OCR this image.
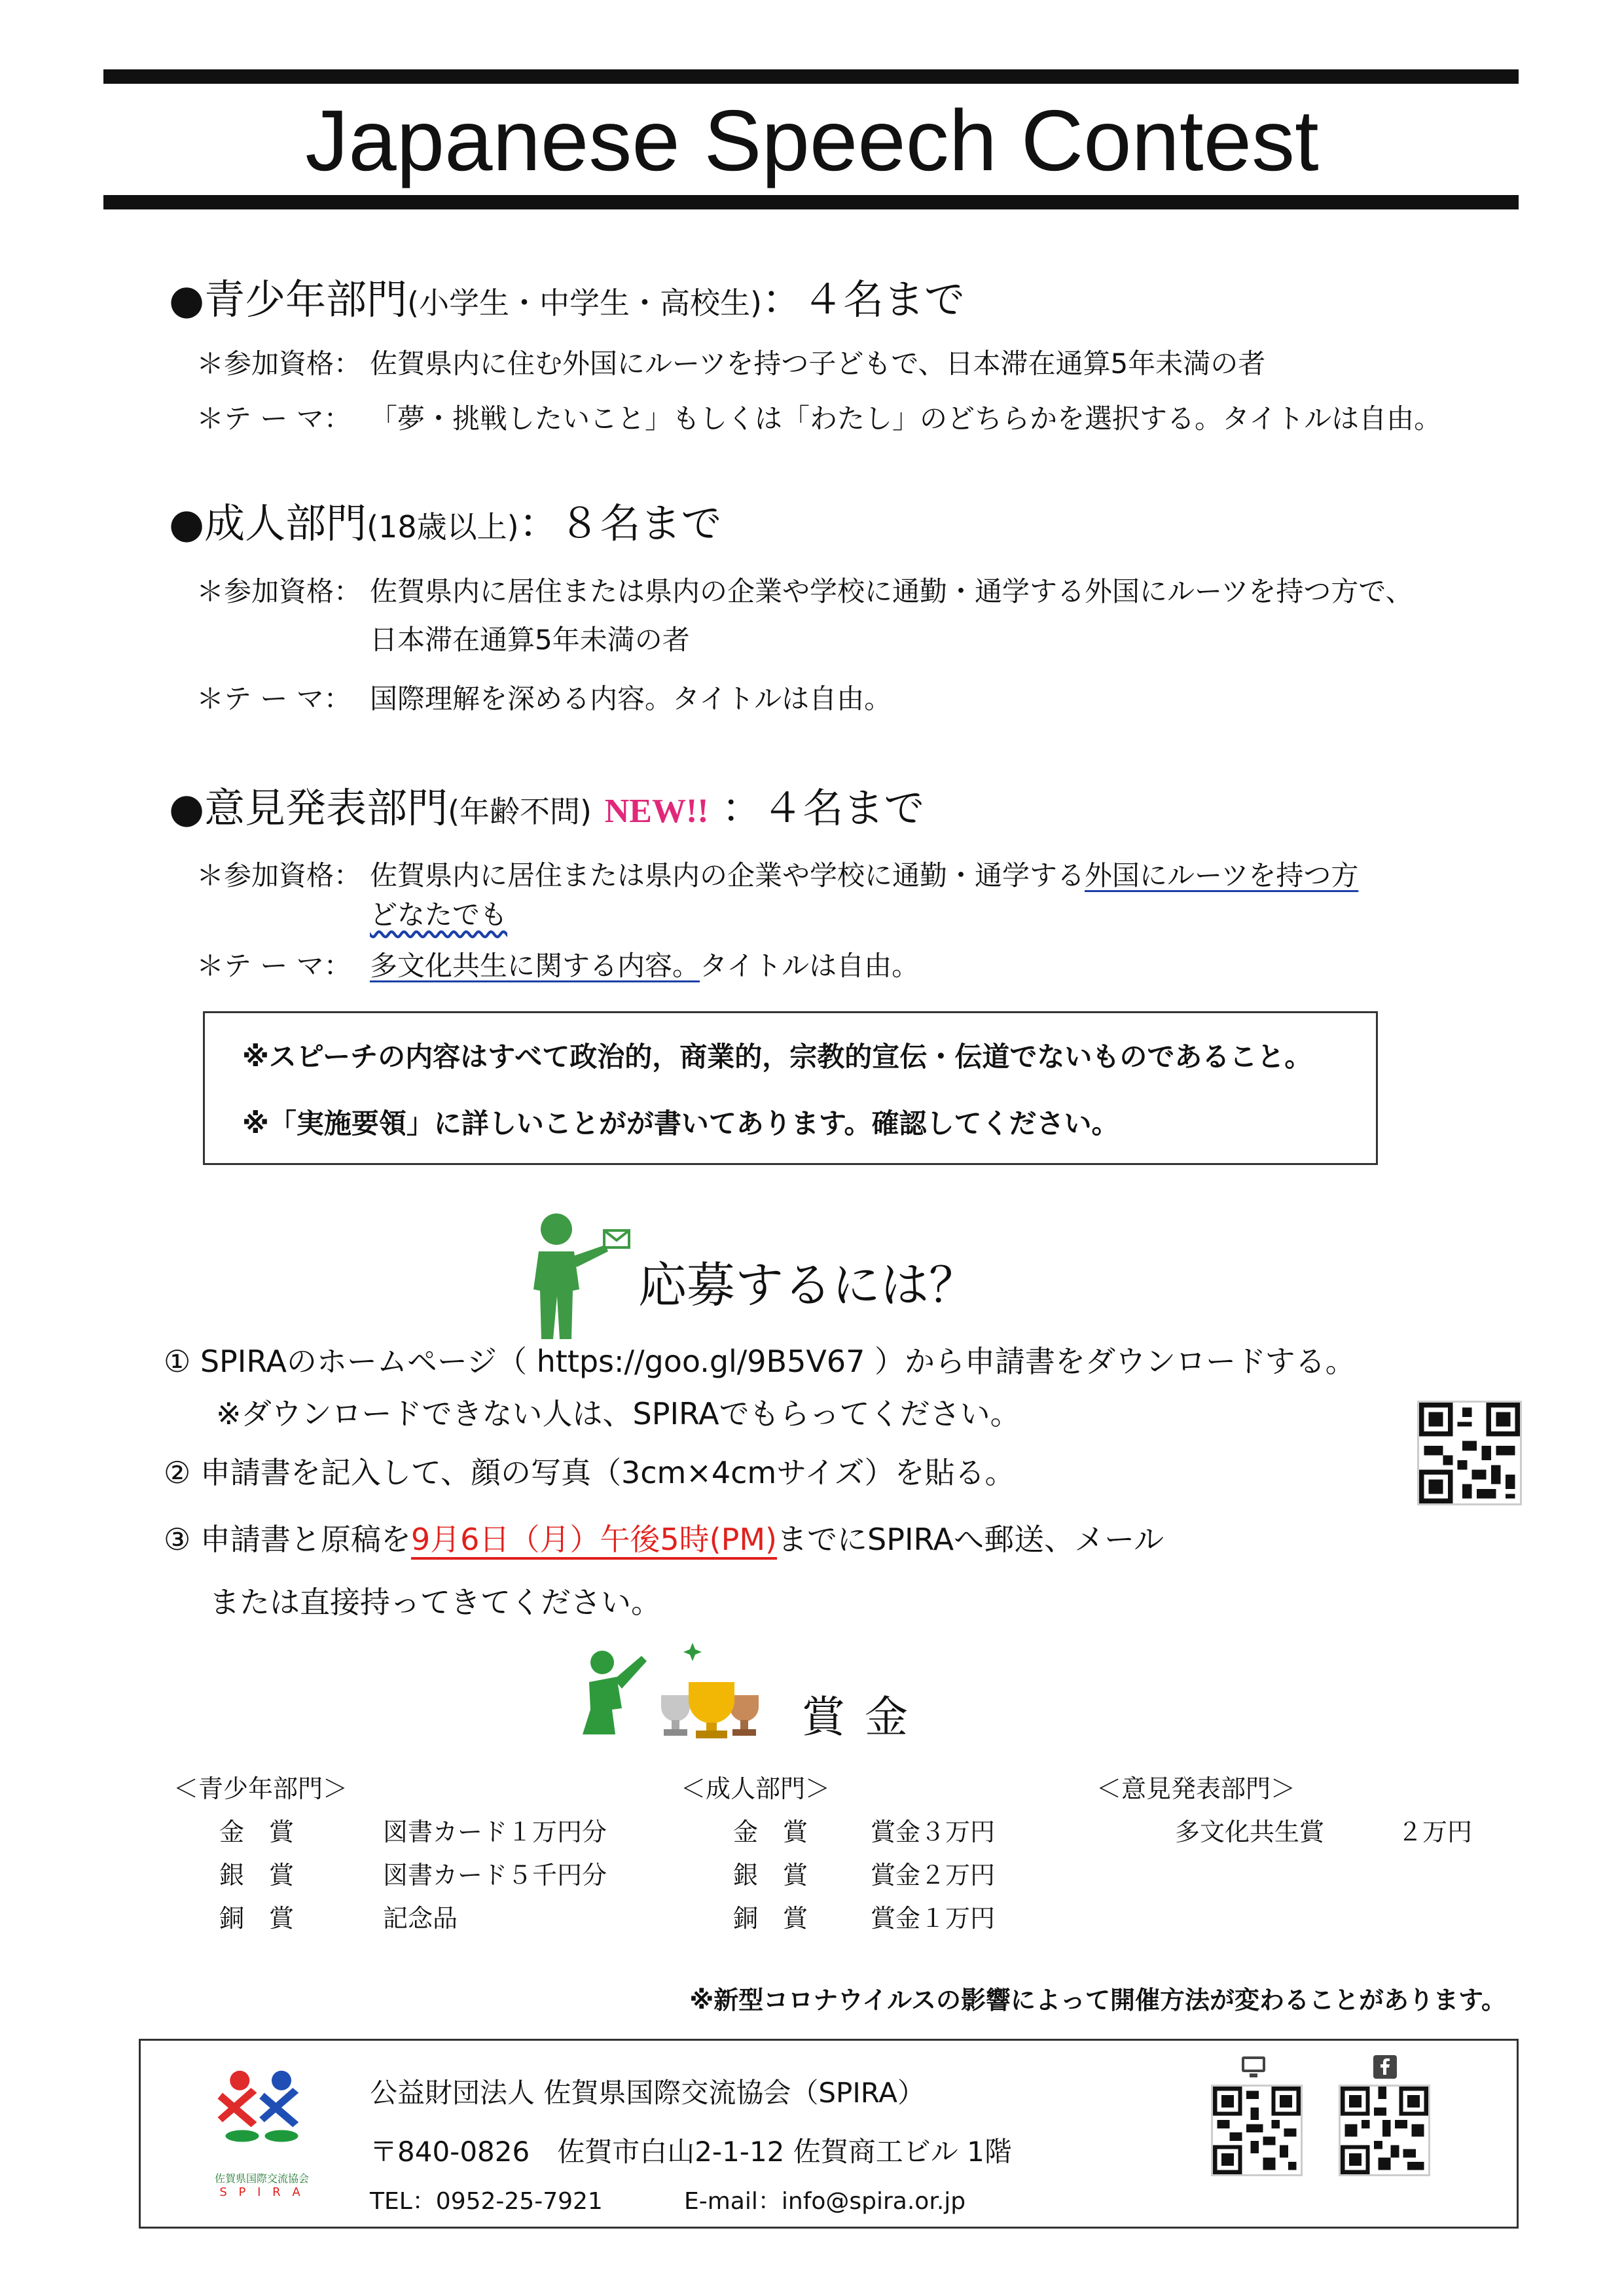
Japanese Speech Contest
●青少年部門(小学生・中学生・高校生)：４名まで
＊参加資格： 佐賀県内に住む外国にルーツを持つ子どもで、日本滞在通算5年未満の者
＊テ ー マ： 「夢・挑戦したいこと」もしくは「わたし」のどちらかを選択する。タイトルは自由。
●成人部門(18歳以上)：８名まで
＊参加資格： 佐賀県内に居住または県内の企業や学校に通勤・通学する外国にルーツを持つ方で、
日本滞在通算5年未満の者
＊テ ー マ： 国際理解を深める内容。タイトルは自由。
●意見発表部門(年齢不問) NEW!! ：４名まで
＊参加資格： 佐賀県内に居住または県内の企業や学校に通勤・通学する外国にルーツを持つ方
どなたでも
＊テ ー マ： 多文化共生に関する内容。タイトルは自由。
※スピーチの内容はすべて政治的，商業的，宗教的宣伝・伝道でないものであること。
※「実施要領」に詳しいことがが書いてあります。確認してください。
応募するには？
① SPIRAのホームページ（ https://goo.gl/9B5V67 ）から申請書をダウンロードする。
※ダウンロードできない人は、SPIRAでもらってください。
② 申請書を記入して、顔の写真（3cm×4cmサイズ）を貼る。
③ 申請書と原稿を9月6日（月）午後5時(PM)までにSPIRAへ郵送、メール
または直接持ってきてください。
賞金
＜青少年部門＞
金　賞	図書カード１万円分
銀　賞	図書カード５千円分
銅　賞	記念品
＜成人部門＞
金　賞	賞金３万円
銀　賞	賞金２万円
銅　賞	賞金１万円
＜意見発表部門＞
多文化共生賞	２万円
※新型コロナウイルスの影響によって開催方法が変わることがあります。
佐賀県国際交流協会
S P I R A
公益財団法人 佐賀県国際交流協会（SPIRA）
〒840-0826　佐賀市白山2-1-12 佐賀商工ビル 1階
TEL：0952-25-7921	E-mail：info@spira.or.jp
